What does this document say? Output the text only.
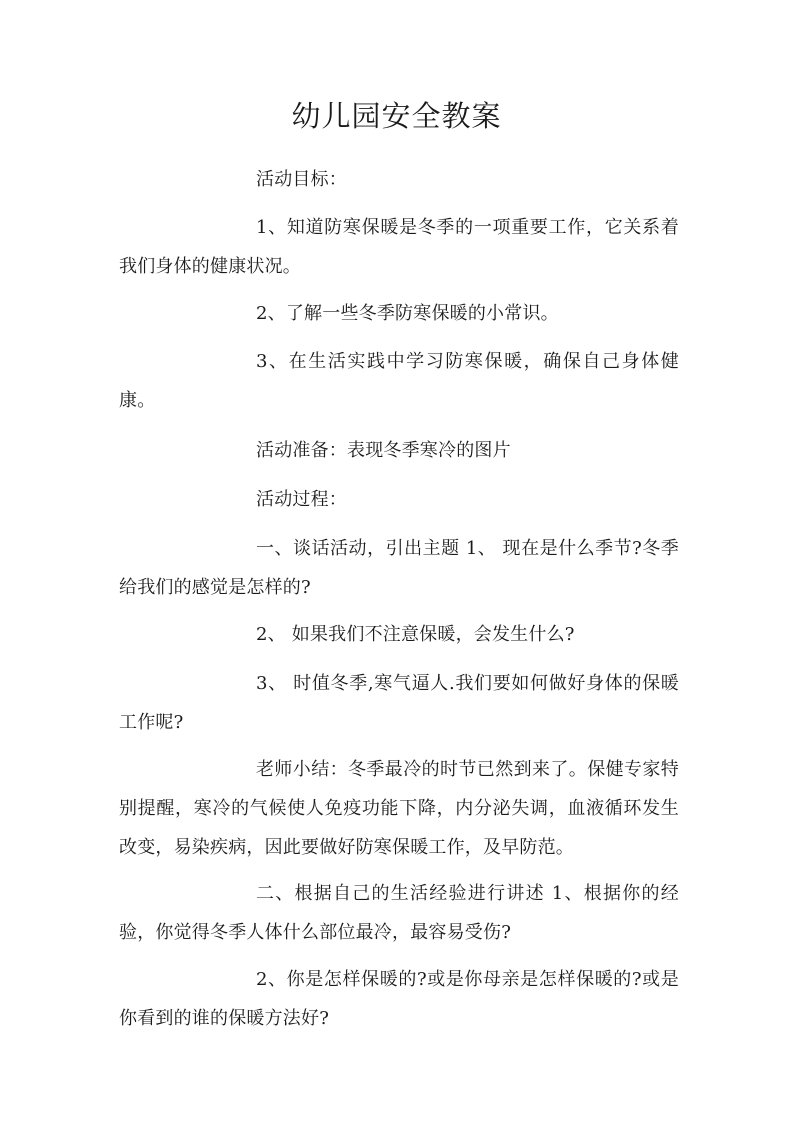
幼儿园安全教案

活动目标：

1、知道防寒保暖是冬季的一项重要工作，它关系着我们身体的健康状况。

2、了解一些冬季防寒保暖的小常识。

3、在生活实践中学习防寒保暖，确保自己身体健康。

活动准备：表现冬季寒冷的图片

活动过程：

一、谈话活动，引出主题 1、 现在是什么季节?冬季给我们的感觉是怎样的?

2、 如果我们不注意保暖，会发生什么?

3、 时值冬季,寒气逼人.我们要如何做好身体的保暖工作呢?

老师小结：冬季最冷的时节已然到来了。保健专家特别提醒，寒冷的气候使人免疫功能下降，内分泌失调，血液循环发生改变，易染疾病，因此要做好防寒保暖工作，及早防范。

二、根据自己的生活经验进行讲述 1、根据你的经验，你觉得冬季人体什么部位最冷，最容易受伤?

2、你是怎样保暖的?或是你母亲是怎样保暖的?或是你看到的谁的保暖方法好?
